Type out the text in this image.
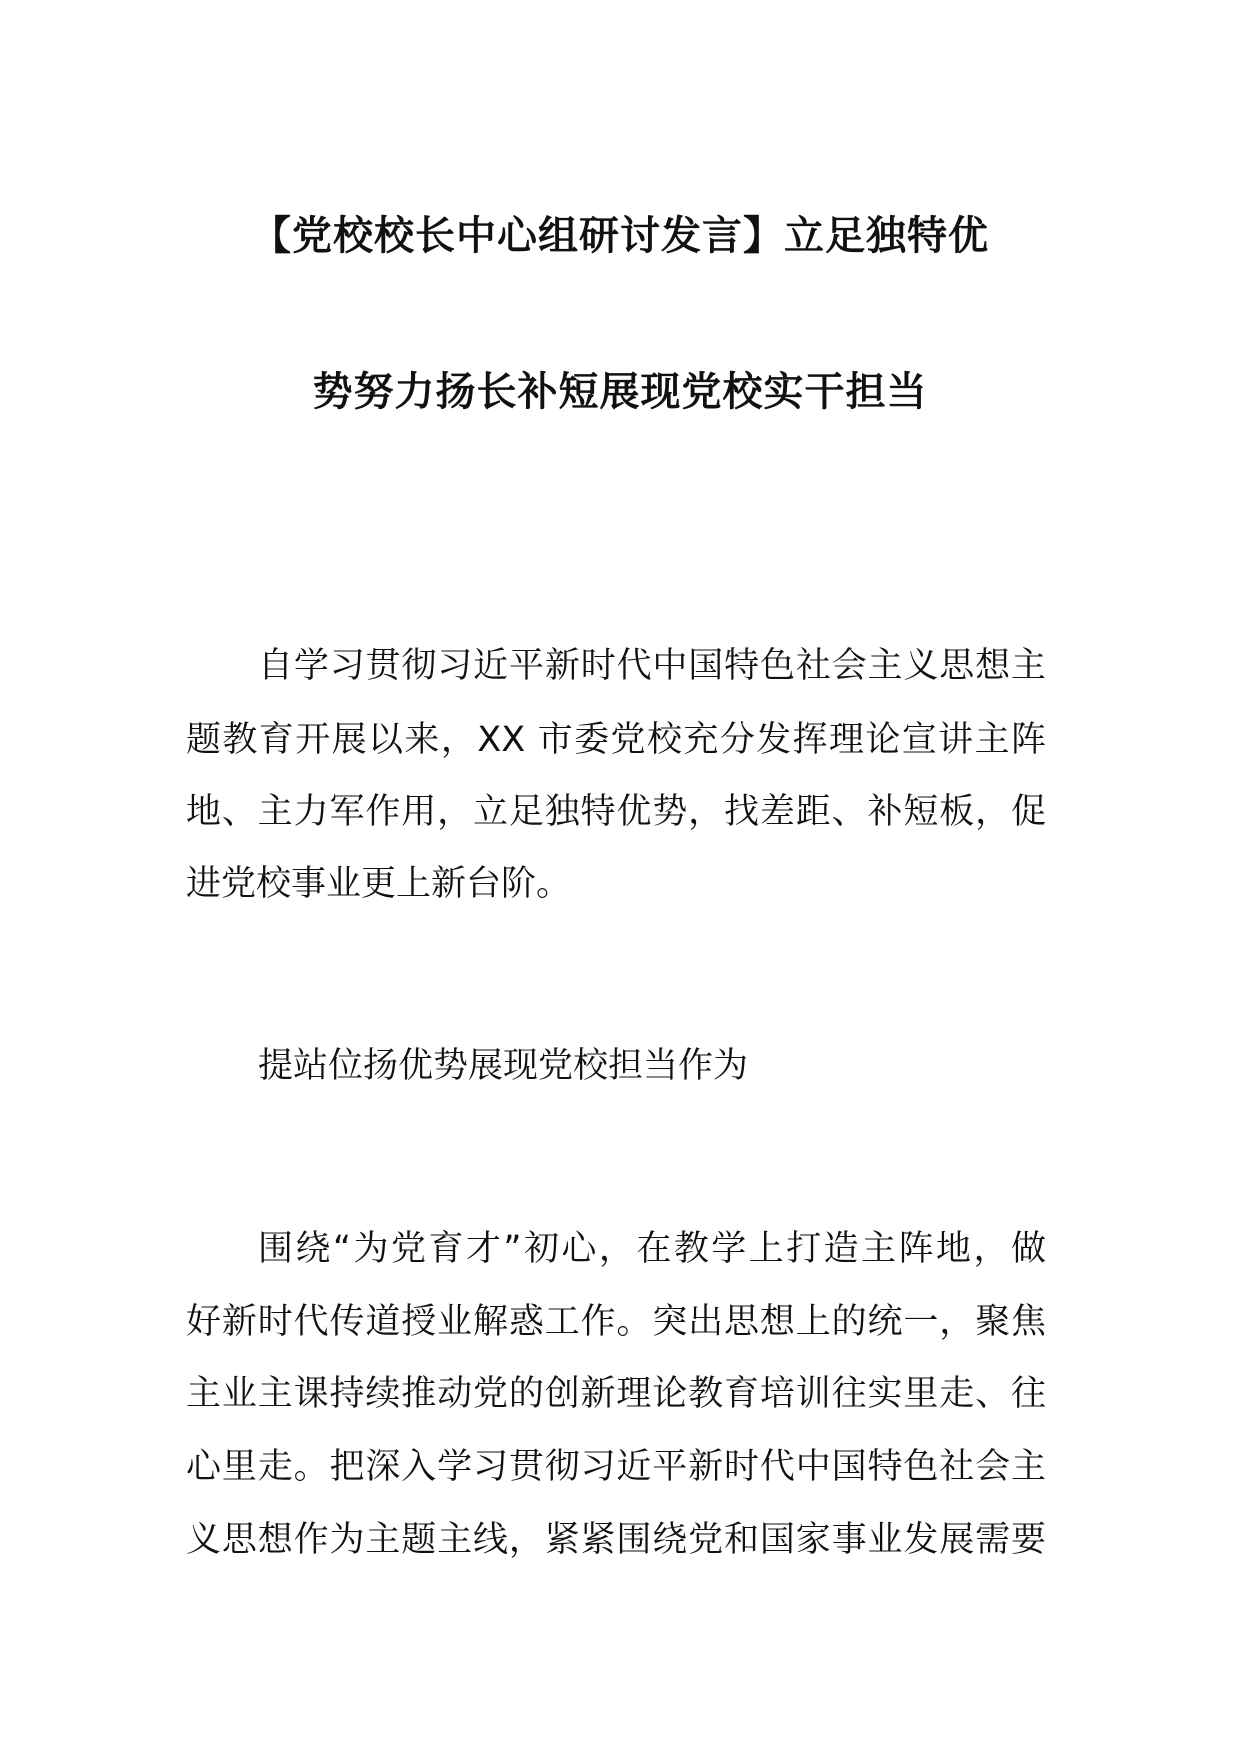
【党校校长中心组研讨发言】立足独特优
势努力扬长补短展现党校实干担当
自学习贯彻习近平新时代中国特色社会主义思想主
题教育开展以来，XX 市委党校充分发挥理论宣讲主阵
地、主力军作用，立足独特优势，找差距、补短板，促
进党校事业更上新台阶。
提站位扬优势展现党校担当作为
围绕“为党育才”初心，在教学上打造主阵地，做
好新时代传道授业解惑工作。突出思想上的统一，聚焦
主业主课持续推动党的创新理论教育培训往实里走、往
心里走。把深入学习贯彻习近平新时代中国特色社会主
义思想作为主题主线，紧紧围绕党和国家事业发展需要
